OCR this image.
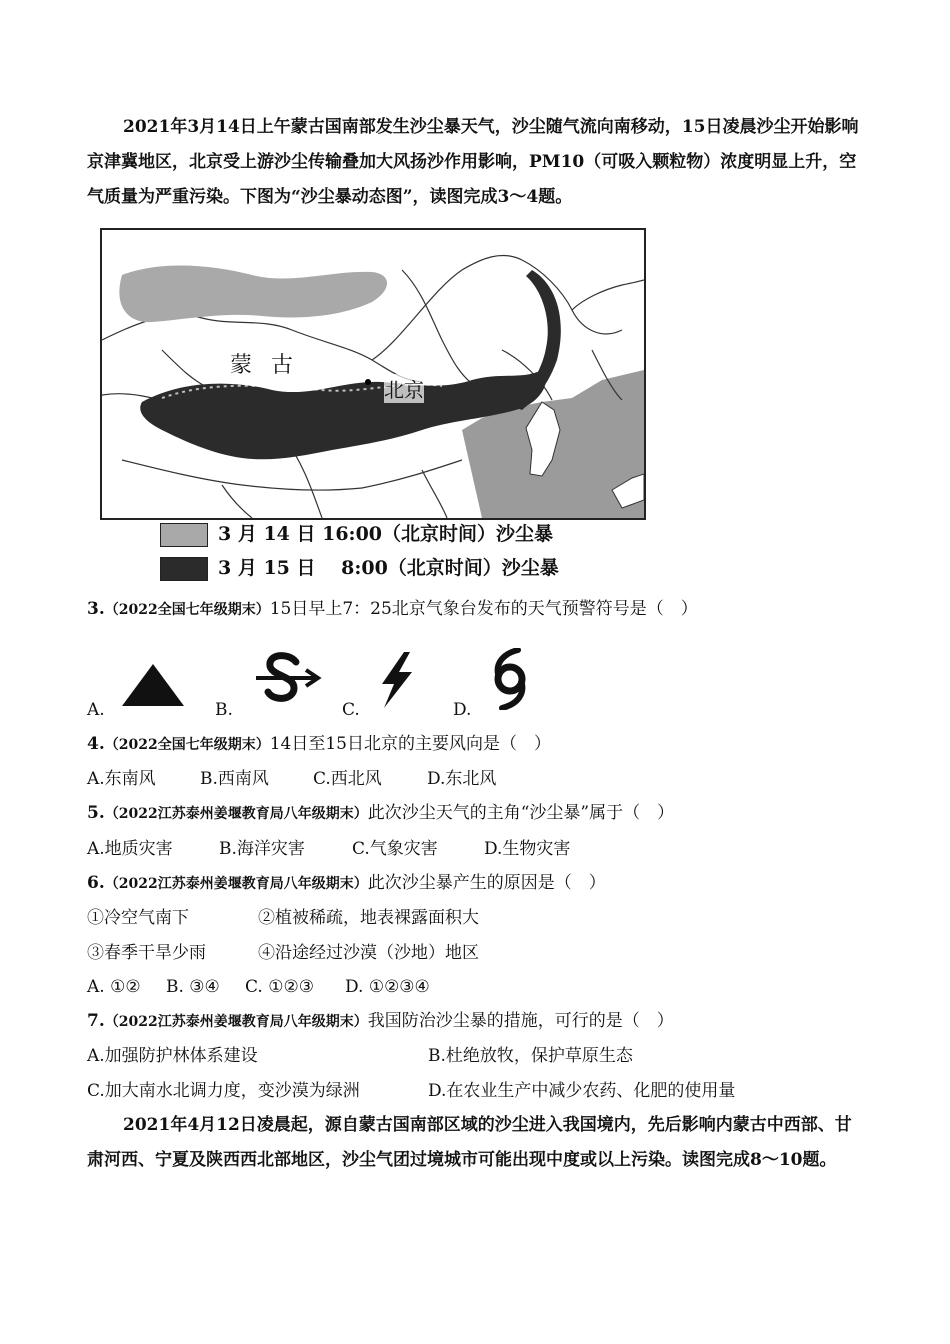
2021年3月14日上午蒙古国南部发生沙尘暴天气，沙尘随气流向南移动，15日凌晨沙尘开始影响京津冀地区，北京受上游沙尘传输叠加大风扬沙作用影响，PM10（可吸入颗粒物）浓度明显上升，空气质量为严重污染。下图为“沙尘暴动态图”，读图完成3～4题。
蒙 古
北京
3 月 14 日 16:00（北京时间）沙尘暴
3 月 15 日　 8:00（北京时间）沙尘暴
3.（2022全国七年级期末）15日早上7：25北京气象台发布的天气预警符号是（　）
A.	B.	C.	D.
4.（2022全国七年级期末）14日至15日北京的主要风向是（　）
A.东南风	B.西南风	C.西北风	D.东北风
5.（2022江苏泰州姜堰教育局八年级期末）此次沙尘天气的主角“沙尘暴”属于（　）
A.地质灾害	B.海洋灾害	C.气象灾害	D.生物灾害
6.（2022江苏泰州姜堰教育局八年级期末）此次沙尘暴产生的原因是（　）
①冷空气南下	②植被稀疏，地表裸露面积大
③春季干旱少雨	④沿途经过沙漠（沙地）地区
A. ①② B. ③④ C. ①②③ D. ①②③④
7.（2022江苏泰州姜堰教育局八年级期末）我国防治沙尘暴的措施，可行的是（　）
A.加强防护林体系建设	B.杜绝放牧，保护草原生态
C.加大南水北调力度，变沙漠为绿洲	D.在农业生产中减少农药、化肥的使用量
2021年4月12日凌晨起，源自蒙古国南部区域的沙尘进入我国境内，先后影响内蒙古中西部、甘肃河西、宁夏及陕西西北部地区，沙尘气团过境城市可能出现中度或以上污染。读图完成8～10题。
